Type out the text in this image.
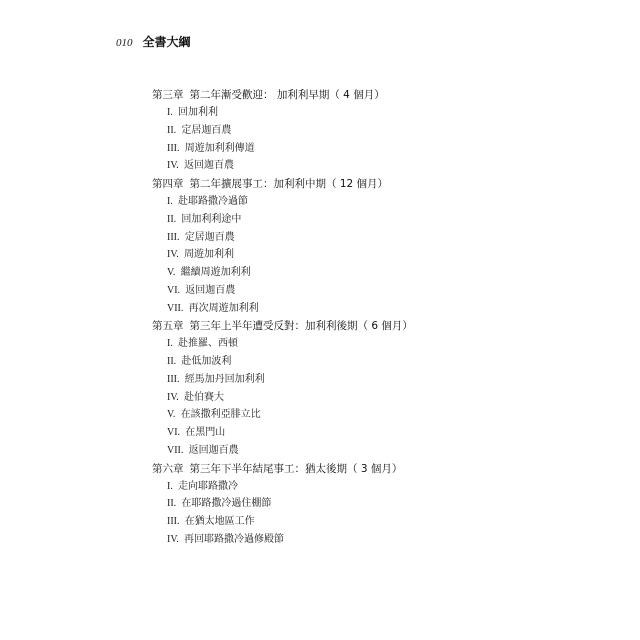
010 全書大綱
第三章 第二年漸受歡迎： 加利利早期（ 4 個月）
I. 回加利利
II. 定居迦百農
III. 周遊加利利傳道
IV. 返回迦百農
第四章 第二年擴展事工：加利利中期（ 12 個月）
I. 赴耶路撒冷過節
II. 回加利利途中
III. 定居迦百農
IV. 周遊加利利
V. 繼續周遊加利利
VI. 返回迦百農
VII. 再次周遊加利利
第五章 第三年上半年遭受反對：加利利後期（ 6 個月）
I. 赴推羅、西頓
II. 赴低加波利
III. 經馬加丹回加利利
IV. 赴伯賽大
V. 在該撒利亞腓立比
VI. 在黑門山
VII. 返回迦百農
第六章 第三年下半年結尾事工：猶太後期（ 3 個月）
I. 走向耶路撒冷
II. 在耶路撒冷過住棚節
III. 在猶太地區工作
IV. 再回耶路撒冷過修殿節
